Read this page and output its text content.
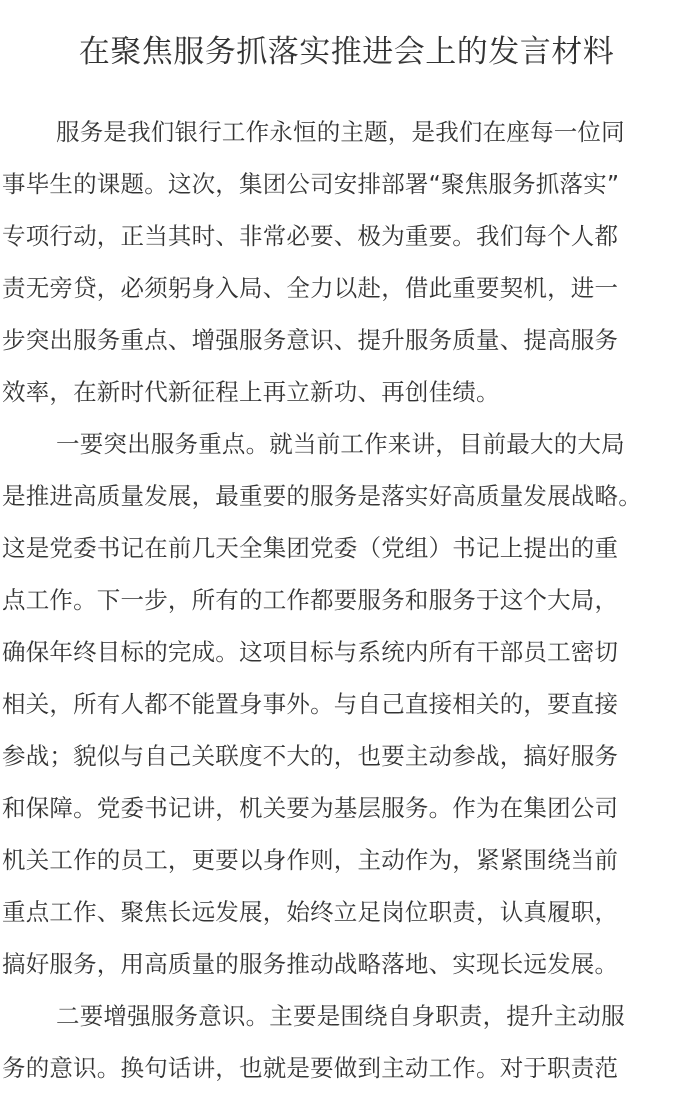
在聚焦服务抓落实推进会上的发言材料
服务是我们银行工作永恒的主题，是我们在座每一位同
事毕生的课题。这次，集团公司安排部署“聚焦服务抓落实”
专项行动，正当其时、非常必要、极为重要。我们每个人都
责无旁贷，必须躬身入局、全力以赴，借此重要契机，进一
步突出服务重点、增强服务意识、提升服务质量、提高服务
效率，在新时代新征程上再立新功、再创佳绩。
一要突出服务重点。就当前工作来讲，目前最大的大局
是推进高质量发展，最重要的服务是落实好高质量发展战略。
这是党委书记在前几天全集团党委（党组）书记上提出的重
点工作。下一步，所有的工作都要服务和服务于这个大局，
确保年终目标的完成。这项目标与系统内所有干部员工密切
相关，所有人都不能置身事外。与自己直接相关的，要直接
参战；貌似与自己关联度不大的，也要主动参战，搞好服务
和保障。党委书记讲，机关要为基层服务。作为在集团公司
机关工作的员工，更要以身作则，主动作为，紧紧围绕当前
重点工作、聚焦长远发展，始终立足岗位职责，认真履职，
搞好服务，用高质量的服务推动战略落地、实现长远发展。
二要增强服务意识。主要是围绕自身职责，提升主动服
务的意识。换句话讲，也就是要做到主动工作。对于职责范
